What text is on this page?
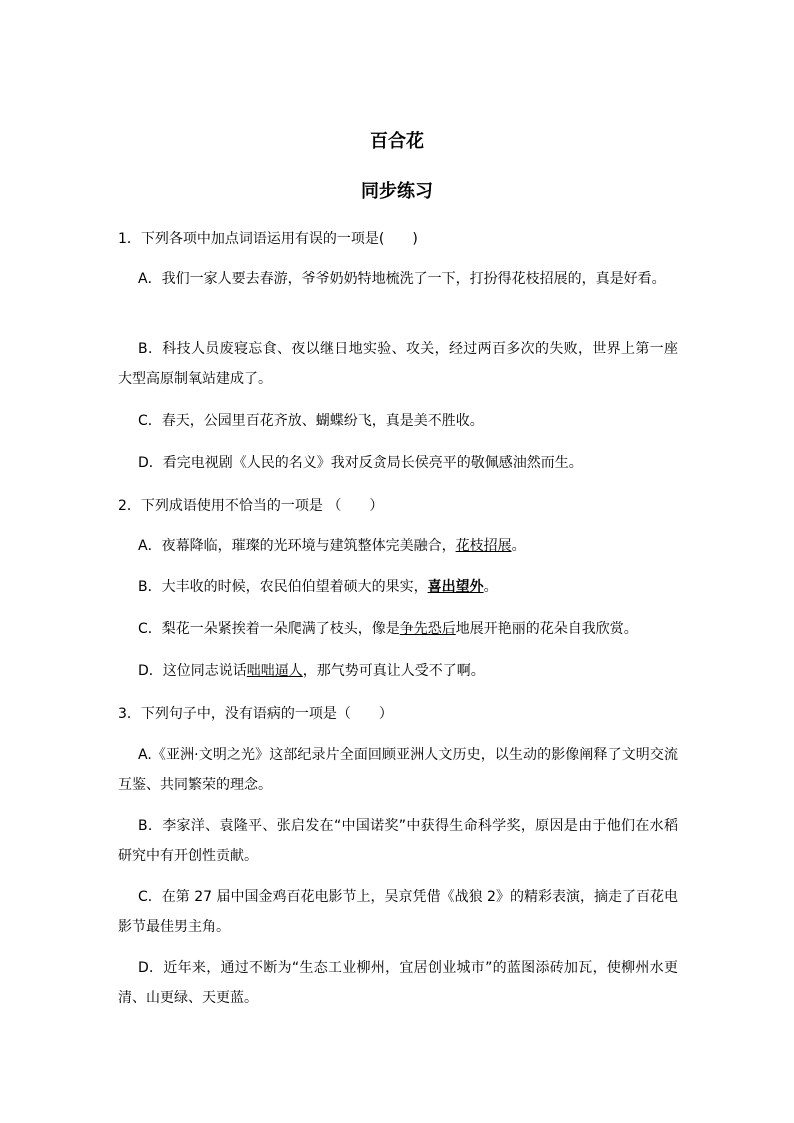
百合花
同步练习

1．下列各项中加点词语运用有误的一项是(　　)

A．我们一家人要去春游，爷爷奶奶特地梳洗了一下，打扮得花枝招展的，真是好看。

B．科技人员废寝忘食、夜以继日地实验、攻关，经过两百多次的失败，世界上第一座大型高原制氧站建成了。

C．春天，公园里百花齐放、蝴蝶纷飞，真是美不胜收。

D．看完电视剧《人民的名义》我对反贪局长侯亮平的敬佩感油然而生。

2．下列成语使用不恰当的一项是 （　　）

A．夜幕降临，璀璨的光环境与建筑整体完美融合，花枝招展。

B．大丰收的时候，农民伯伯望着硕大的果实，喜出望外。

C．梨花一朵紧挨着一朵爬满了枝头，像是争先恐后地展开艳丽的花朵自我欣赏。

D．这位同志说话咄咄逼人，那气势可真让人受不了啊。

3．下列句子中，没有语病的一项是（　　）

A.《亚洲·文明之光》这部纪录片全面回顾亚洲人文历史，以生动的影像阐释了文明交流互鉴、共同繁荣的理念。

B．李家洋、袁隆平、张启发在“中国诺奖”中获得生命科学奖，原因是由于他们在水稻研究中有开创性贡献。

C．在第 27 届中国金鸡百花电影节上，吴京凭借《战狼 2》的精彩表演，摘走了百花电影节最佳男主角。

D．近年来，通过不断为“生态工业柳州，宜居创业城市”的蓝图添砖加瓦，使柳州水更清、山更绿、天更蓝。
